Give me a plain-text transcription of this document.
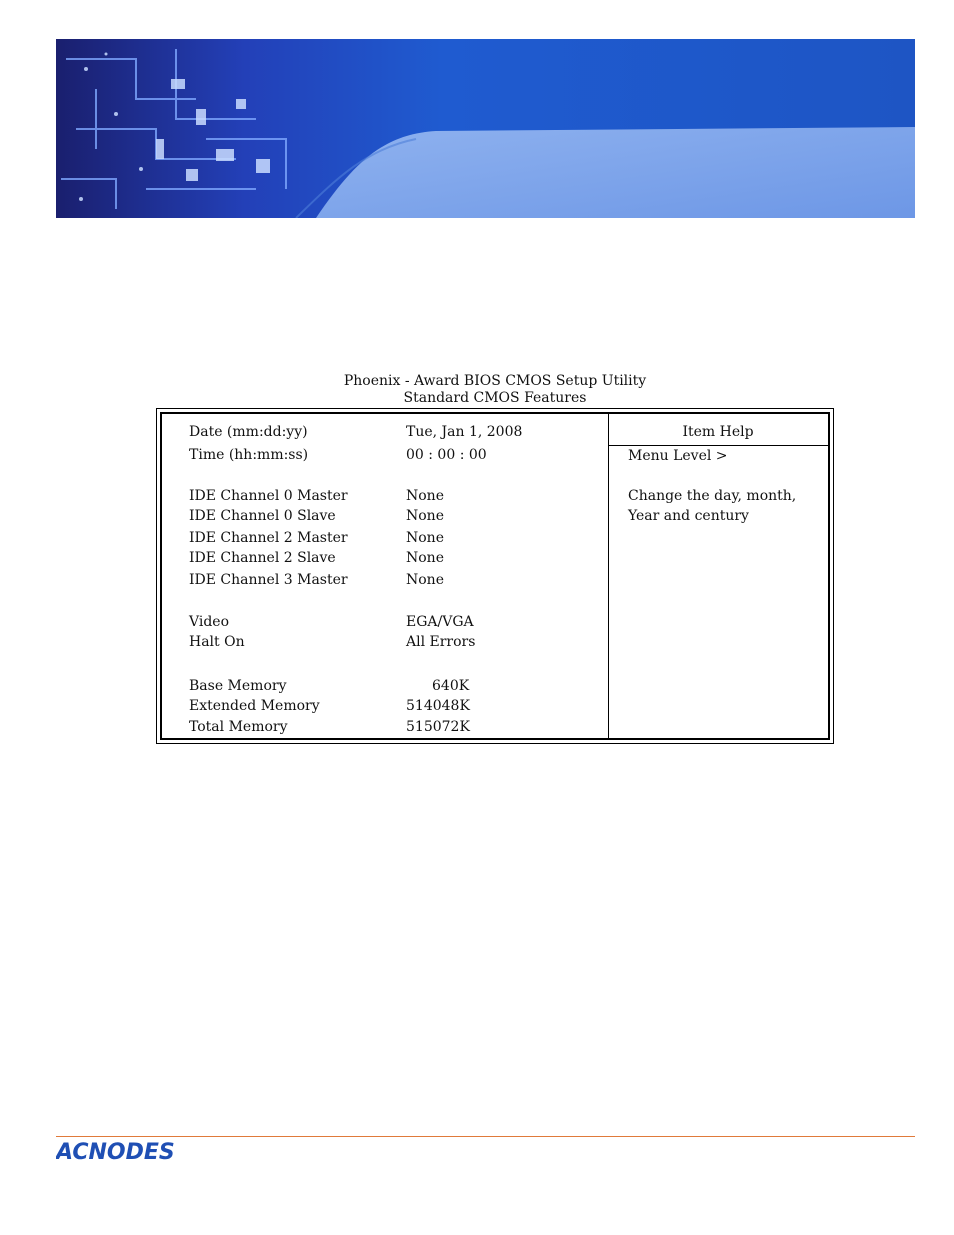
Phoenix - Award BIOS CMOS Setup Utility
Standard CMOS Features
Date (mm:dd:yy)	Tue, Jan 1, 2008
Time (hh:mm:ss)	00 : 00 : 00
IDE Channel 0 Master	None
IDE Channel 0 Slave	None
IDE Channel 2 Master	None
IDE Channel 2 Slave	None
IDE Channel 3 Master	None
Video	EGA/VGA
Halt On	All Errors
Base Memory	640K
Extended Memory	514048K
Total Memory	515072K
Item Help
Menu Level >
Change the day, month,
Year and century
ACNODES
